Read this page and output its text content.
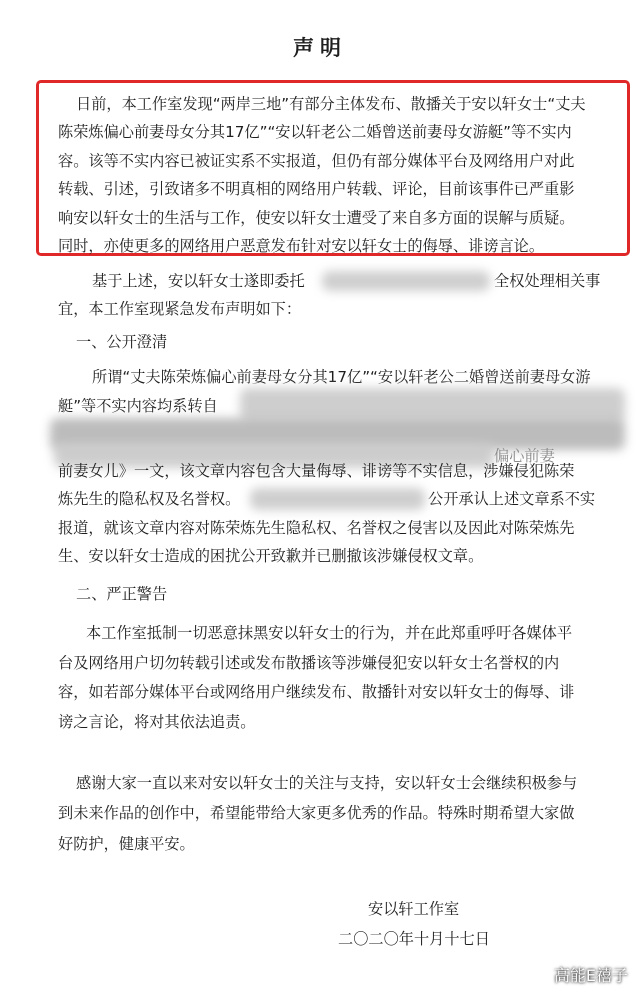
声明
日前，本工作室发现“两岸三地”有部分主体发布、散播关于安以轩女士“丈夫
陈荣炼偏心前妻母女分其17亿”“安以轩老公二婚曾送前妻母女游艇”等不实内
容。该等不实内容已被证实系不实报道，但仍有部分媒体平台及网络用户对此
转载、引述，引致诸多不明真相的网络用户转载、评论，目前该事件已严重影
响安以轩女士的生活与工作，使安以轩女士遭受了来自多方面的误解与质疑。
同时，亦使更多的网络用户恶意发布针对安以轩女士的侮辱、诽谤言论。
基于上述，安以轩女士遂即委托	全权处理相关事
宜，本工作室现紧急发布声明如下：
一、公开澄清
所谓“丈夫陈荣炼偏心前妻母女分其17亿”“安以轩老公二婚曾送前妻母女游
艇”等不实内容均系转自
偏心前妻
前妻女儿》一文，该文章内容包含大量侮辱、诽谤等不实信息，涉嫌侵犯陈荣
炼先生的隐私权及名誉权。	公开承认上述文章系不实
报道，就该文章内容对陈荣炼先生隐私权、名誉权之侵害以及因此对陈荣炼先
生、安以轩女士造成的困扰公开致歉并已删撤该涉嫌侵权文章。
二、严正警告
本工作室抵制一切恶意抹黑安以轩女士的行为，并在此郑重呼吁各媒体平
台及网络用户切勿转载引述或发布散播该等涉嫌侵犯安以轩女士名誉权的内
容，如若部分媒体平台或网络用户继续发布、散播针对安以轩女士的侮辱、诽
谤之言论，将对其依法追责。
感谢大家一直以来对安以轩女士的关注与支持，安以轩女士会继续积极参与
到未来作品的创作中，希望能带给大家更多优秀的作品。特殊时期希望大家做
好防护，健康平安。
安以轩工作室
二〇二〇年十月十七日
高能E禧子
